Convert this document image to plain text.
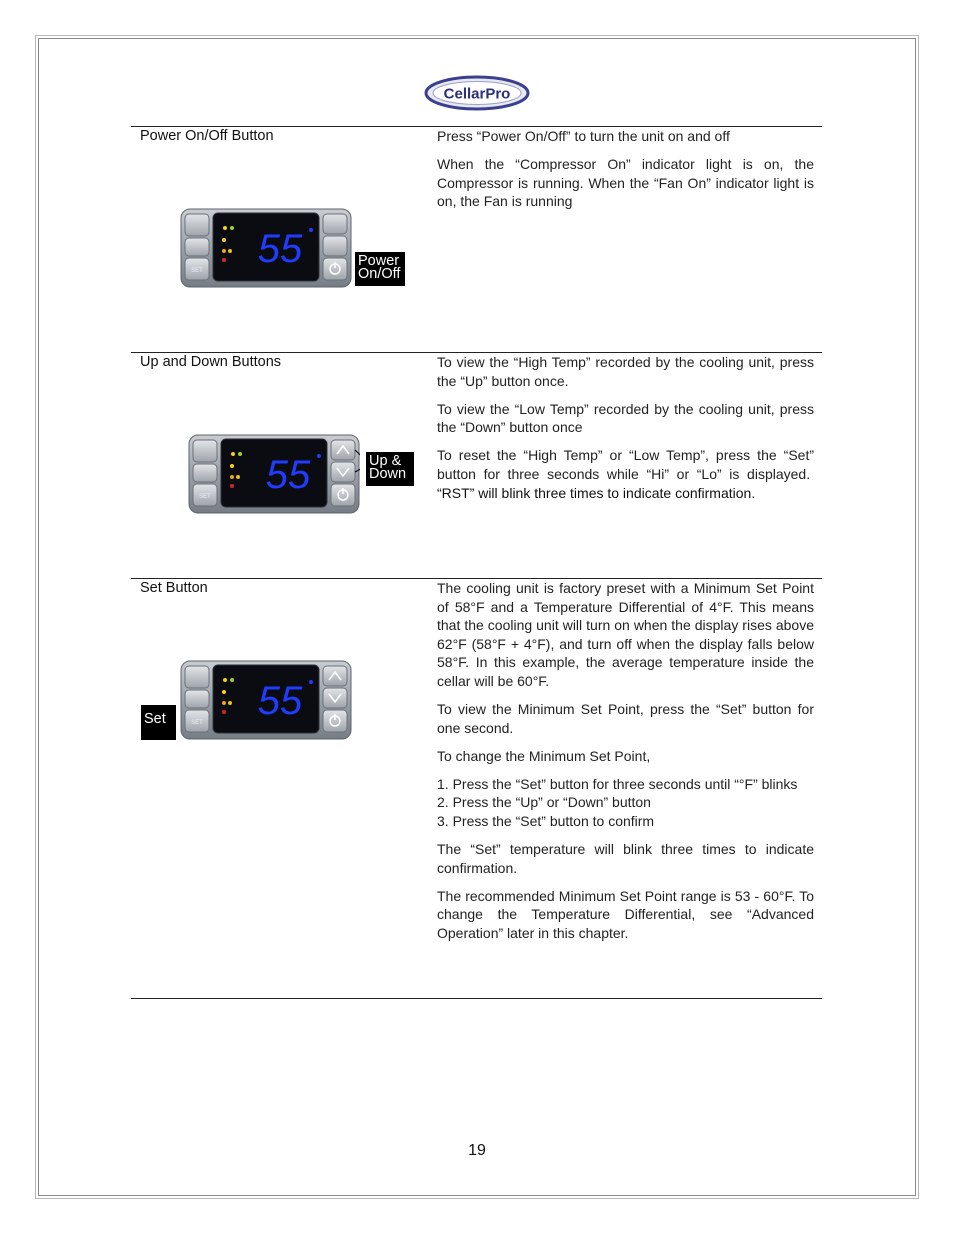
CellarPro
Power On/Off Button	Press “Power On/Off” to turn the unit on and off

When the “Compressor On” indicator light is on, the Compressor is running. When the “Fan On” indicator light is on, the Fan is running

SET 55	Power On/Off
Up and Down Buttons	To view the “High Temp” recorded by the cooling unit, press the “Up” button once.

To view the “Low Temp” recorded by the cooling unit, press the “Down” button once

To reset the “High Temp” or “Low Temp”, press the “Set” button for three seconds while “Hi” or “Lo” is displayed.  “RST” will blink three times to indicate confirmation.

SET 55	Up & Down
Set Button	The cooling unit is factory preset with a Minimum Set Point of 58°F and a Temperature Differential of 4°F. This means that the cooling unit will turn on when the display rises above 62°F (58°F + 4°F), and turn off when the display falls below 58°F. In this example, the average temperature inside the cellar will be 60°F.

To view the Minimum Set Point, press the “Set” button for one second.

To change the Minimum Set Point,

1. Press the “Set” button for three seconds until “°F” blinks
2. Press the “Up” or “Down” button
3. Press the “Set” button to confirm

The “Set” temperature will blink three times to indicate confirmation.

The recommended Minimum Set Point range is 53 - 60°F. To change the Temperature Differential, see “Advanced Operation” later in this chapter.

SET 55
Set
19
